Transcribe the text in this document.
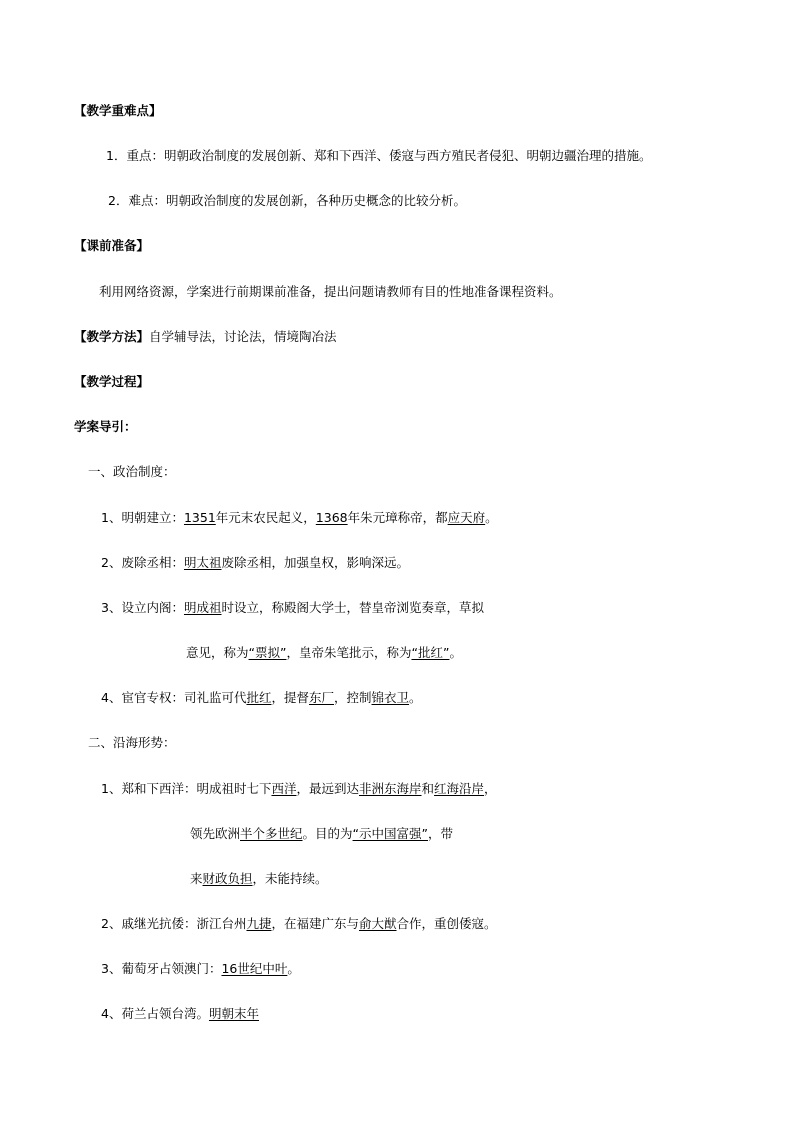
【教学重难点】
1．重点：明朝政治制度的发展创新、郑和下西洋、倭寇与西方殖民者侵犯、明朝边疆治理的措施。
2．难点：明朝政治制度的发展创新，各种历史概念的比较分析。
【课前准备】
利用网络资源，学案进行前期课前准备，提出问题请教师有目的性地准备课程资料。
【教学方法】自学辅导法，讨论法，情境陶冶法
【教学过程】
学案导引：
一、政治制度：
1、明朝建立：1351年元末农民起义，1368年朱元璋称帝，都应天府。
2、废除丞相：明太祖废除丞相，加强皇权，影响深远。
3、设立内阁：明成祖时设立，称殿阁大学士，替皇帝浏览奏章，草拟
意见，称为“票拟”，皇帝朱笔批示，称为“批红”。
4、宦官专权：司礼监可代批红，提督东厂，控制锦衣卫。
二、沿海形势：
1、郑和下西洋：明成祖时七下西洋，最远到达非洲东海岸和红海沿岸，
领先欧洲半个多世纪。目的为“示中国富强”，带
来财政负担，未能持续。
2、戚继光抗倭：浙江台州九捷，在福建广东与俞大猷合作，重创倭寇。
3、葡萄牙占领澳门：16世纪中叶。
4、荷兰占领台湾。明朝末年
